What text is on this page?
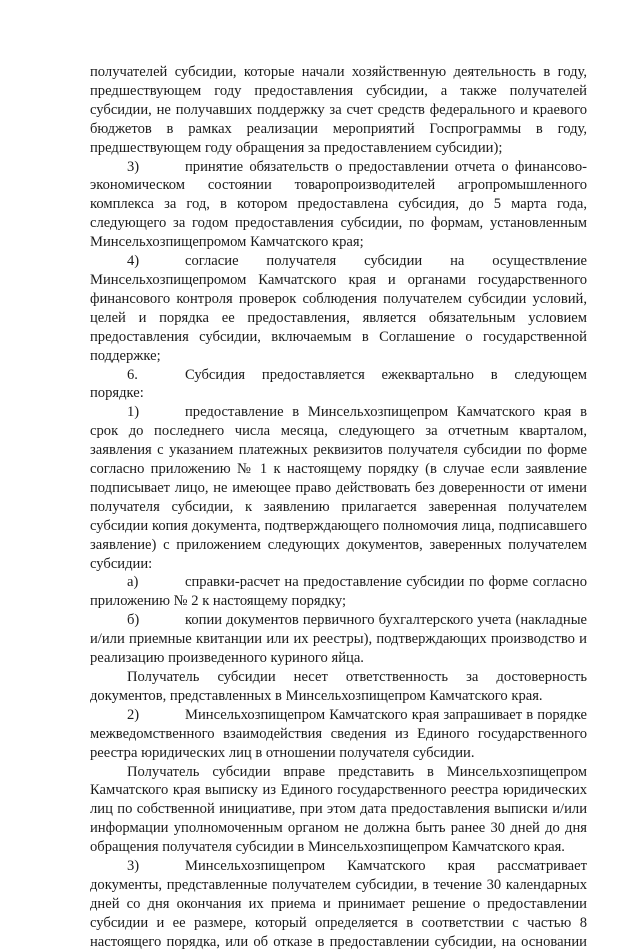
получателей субсидии, которые начали хозяйственную деятельность в году, предшествующем году предоставления субсидии, а также получателей субсидии, не получавших поддержку за счет средств федерального и краевого бюджетов в рамках реализации мероприятий Госпрограммы в году, предшествующем году обращения за предоставлением субсидии);

3)	принятие обязательств о предоставлении отчета о финансово-экономическом состоянии товаропроизводителей агропромышленного комплекса за год, в котором предоставлена субсидия, до 5 марта года, следующего за годом предоставления субсидии, по формам, установленным Минсельхозпищепромом Камчатского края;

4)	согласие получателя субсидии на осуществление Минсельхозпищепромом Камчатского края и органами государственного финансового контроля проверок соблюдения получателем субсидии условий, целей и порядка ее предоставления, является обязательным условием предоставления субсидии, включаемым в Соглашение о государственной поддержке;

6.	Субсидия предоставляется ежеквартально в следующем порядке:

1)	предоставление в Минсельхозпищепром Камчатского края в срок до последнего числа месяца, следующего за отчетным кварталом, заявления с указанием платежных реквизитов получателя субсидии по форме согласно приложению № 1 к настоящему порядку (в случае если заявление подписывает лицо, не имеющее право действовать без доверенности от имени получателя субсидии, к заявлению прилагается заверенная получателем субсидии копия документа, подтверждающего полномочия лица, подписавшего заявление) с приложением следующих документов, заверенных получателем субсидии:

а)	справки-расчет на предоставление субсидии по форме согласно приложению № 2 к настоящему порядку;

б)	копии документов первичного бухгалтерского учета (накладные и/или приемные квитанции или их реестры), подтверждающих производство и реализацию произведенного куриного яйца.

Получатель субсидии несет ответственность за достоверность документов, представленных в Минсельхозпищепром Камчатского края.

2)	Минсельхозпищепром Камчатского края запрашивает в порядке межведомственного взаимодействия сведения из Единого государственного реестра юридических лиц в отношении получателя субсидии.

Получатель субсидии вправе представить в Минсельхозпищепром Камчатского края выписку из Единого государственного реестра юридических лиц по собственной инициативе, при этом дата предоставления выписки и/или информации уполномоченным органом не должна быть ранее 30 дней до дня обращения получателя субсидии в Минсельхозпищепром Камчатского края.

3)	Минсельхозпищепром Камчатского края рассматривает документы, представленные получателем субсидии, в течение 30 календарных дней со дня окончания их приема и принимает решение о предоставлении субсидии и ее размере, который определяется в соответствии с частью 8 настоящего порядка, или об отказе в предоставлении субсидии, на основании
